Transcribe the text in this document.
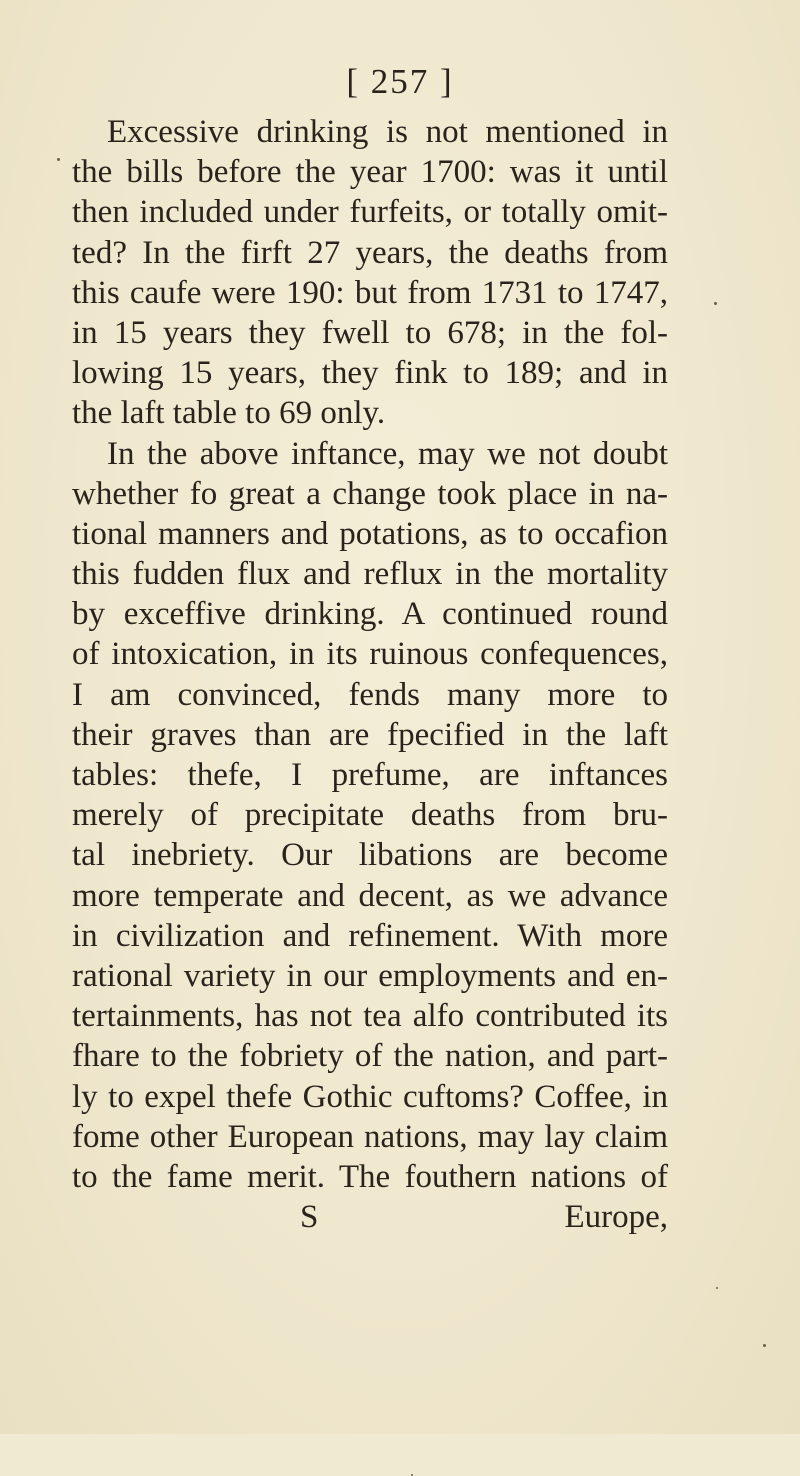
[ 257 ]
Excessive drinking is not mentioned in
the bills before the year 1700: was it until
then included under furfeits, or totally omit-
ted? In the firft 27 years, the deaths from
this caufe were 190: but from 1731 to 1747,
in 15 years they fwell to 678; in the fol-
lowing 15 years, they fink to 189; and in
the laft table to 69 only.
In the above inftance, may we not doubt
whether fo great a change took place in na-
tional manners and potations, as to occafion
this fudden flux and reflux in the mortality
by exceffive drinking. A continued round
of intoxication, in its ruinous confequences,
I am convinced, fends many more to
their graves than are fpecified in the laft
tables: thefe, I prefume, are inftances
merely of precipitate deaths from bru-
tal inebriety. Our libations are become
more temperate and decent, as we advance
in civilization and refinement. With more
rational variety in our employments and en-
tertainments, has not tea alfo contributed its
fhare to the fobriety of the nation, and part-
ly to expel thefe Gothic cuftoms? Coffee, in
fome other European nations, may lay claim
to the fame merit. The fouthern nations of
S	Europe,
